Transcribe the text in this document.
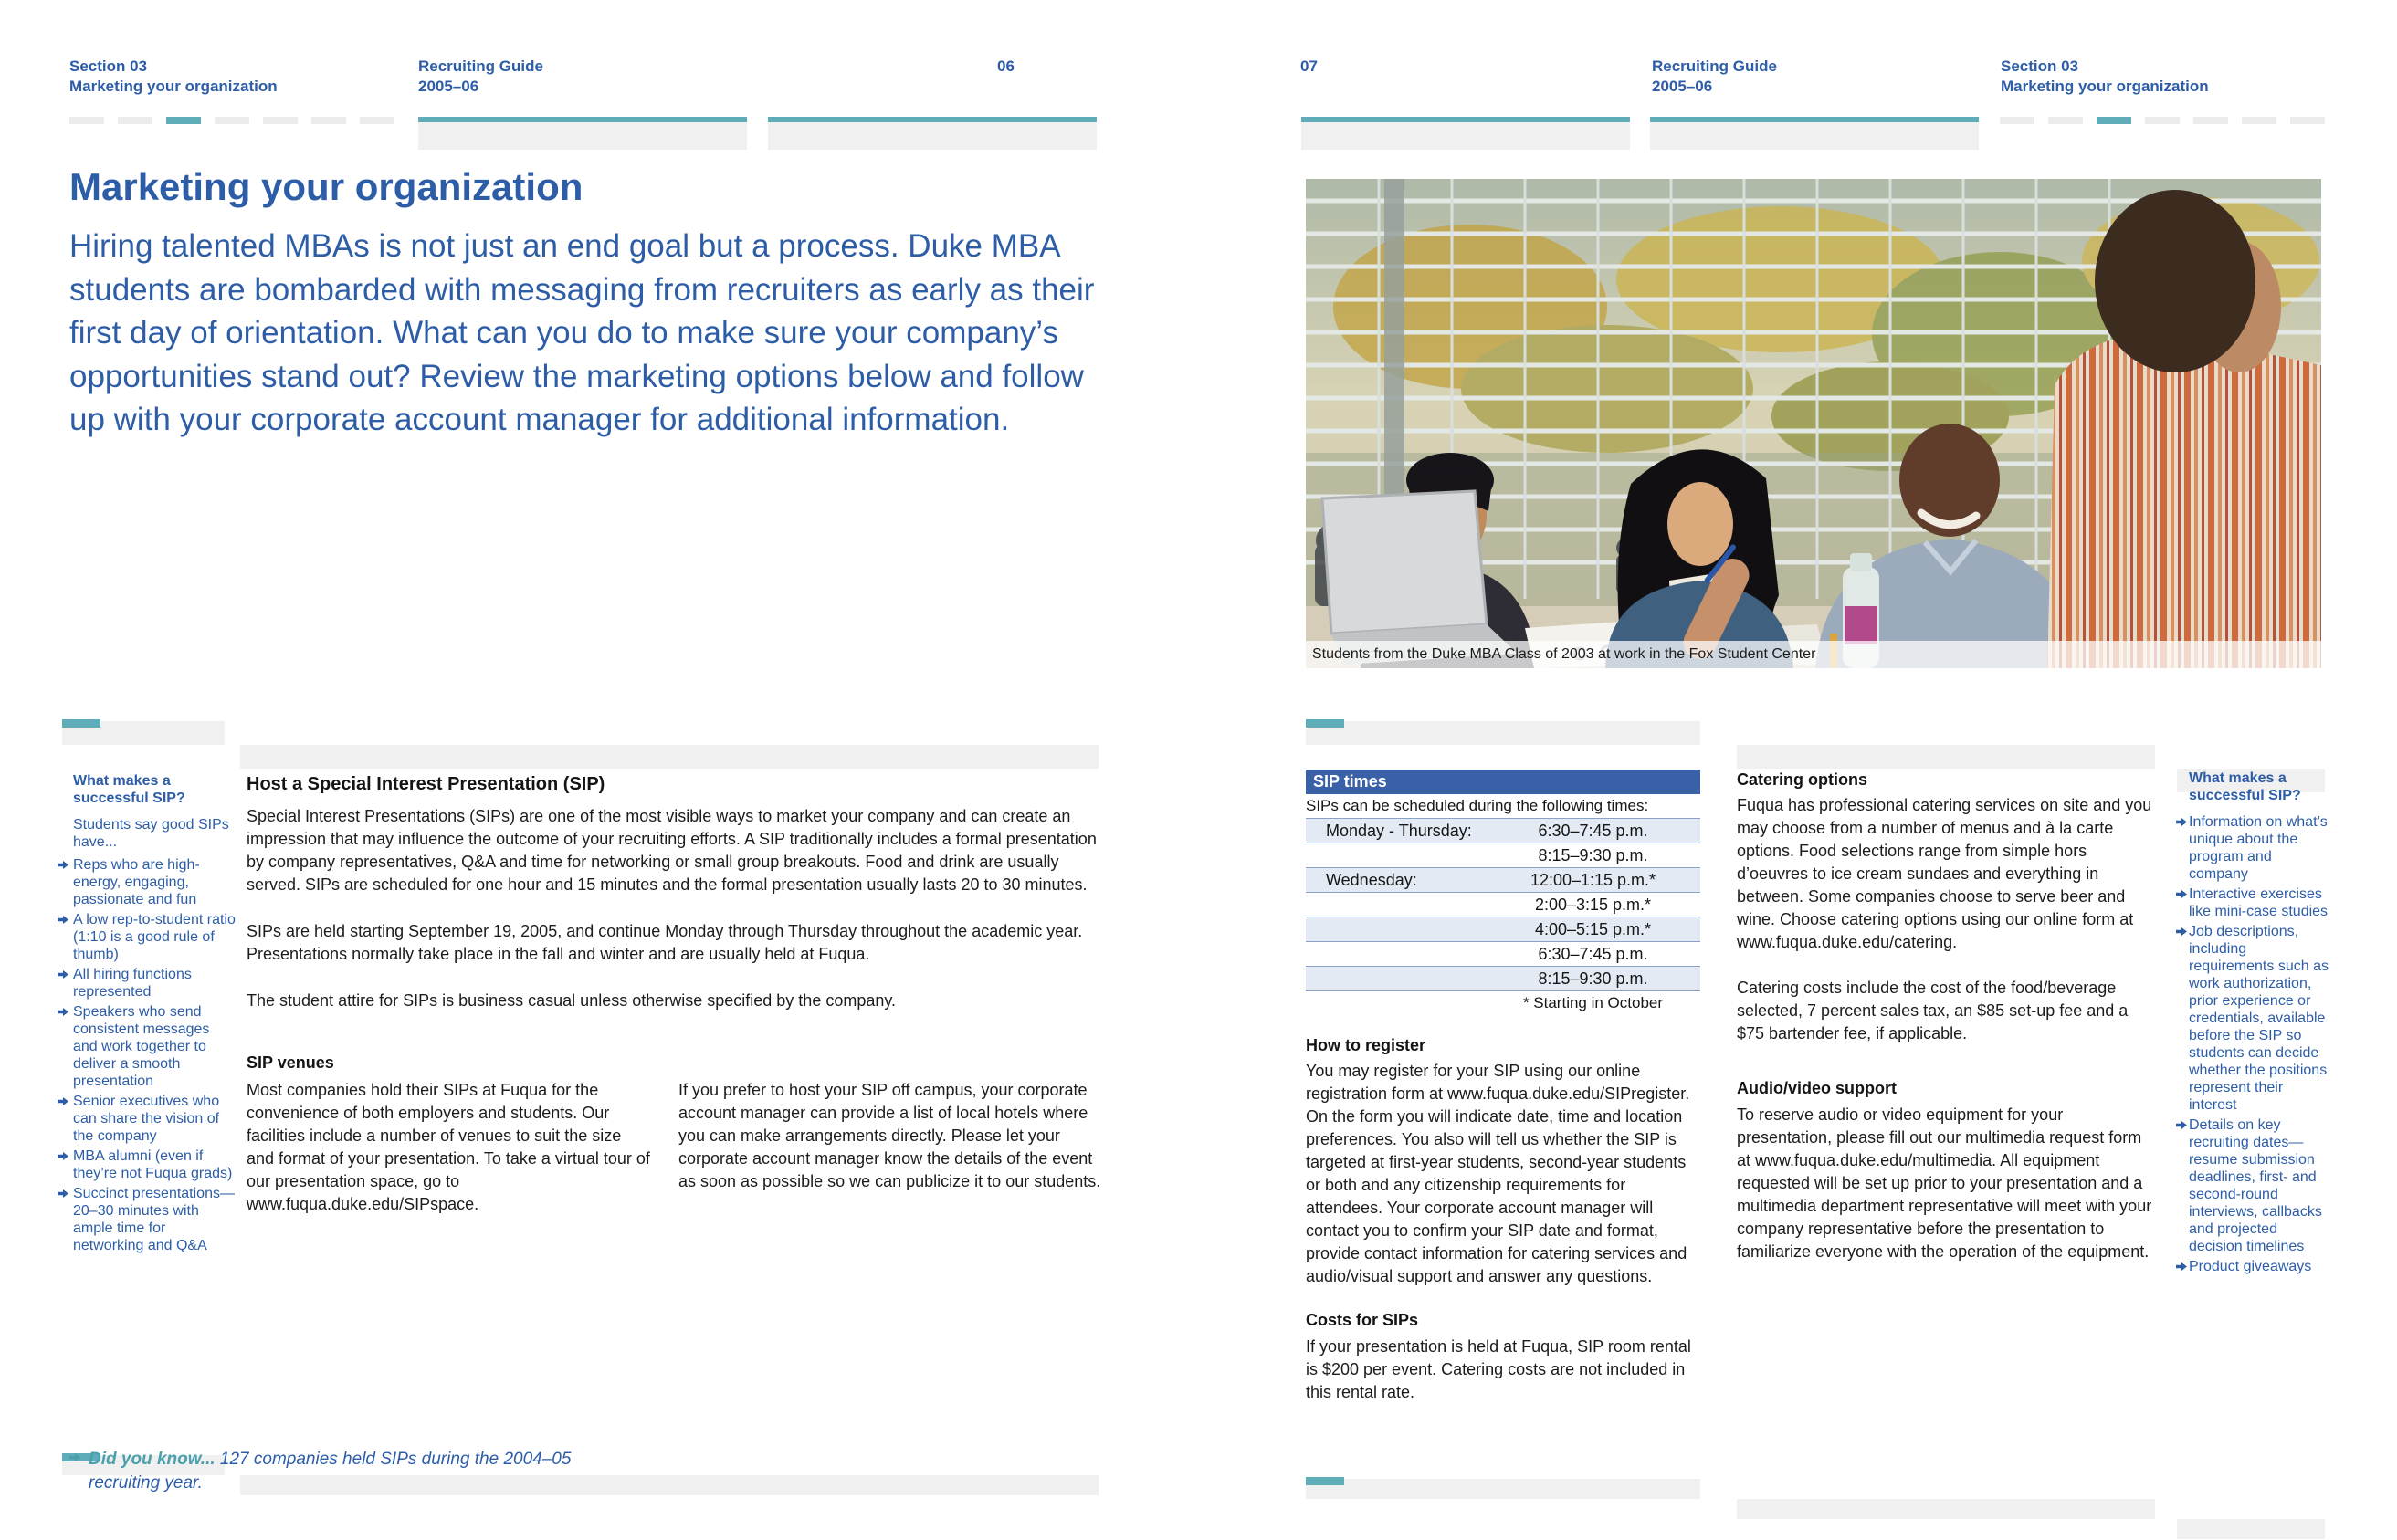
Section 03
Marketing your organization
Recruiting Guide
2005–06
06
Marketing your organization
Hiring talented MBAs is not just an end goal but a process. Duke MBA students are bombarded with messaging from recruiters as early as their first day of orientation. What can you do to make sure your company’s opportunities stand out? Review the marketing options below and follow up with your corporate account manager for additional information.
What makes a successful SIP?
Students say good SIPs have...
Reps who are high-energy, engaging, passionate and fun
A low rep-to-student ratio (1:10 is a good rule of thumb)
All hiring functions represented
Speakers who send consistent messages and work together to deliver a smooth presentation
Senior executives who can share the vision of the company
MBA alumni (even if they’re not Fuqua grads)
Succinct presentations—20–30 minutes with ample time for networking and Q&A
Host a Special Interest Presentation (SIP)
Special Interest Presentations (SIPs) are one of the most visible ways to market your company and can create an impression that may influence the outcome of your recruiting efforts. A SIP traditionally includes a formal presentation by company representatives, Q&A and time for networking or small group breakouts. Food and drink are usually served. SIPs are scheduled for one hour and 15 minutes and the formal presentation usually lasts 20 to 30 minutes.
SIPs are held starting September 19, 2005, and continue Monday through Thursday throughout the academic year. Presentations normally take place in the fall and winter and are usually held at Fuqua.
The student attire for SIPs is business casual unless otherwise specified by the company.
SIP venues
Most companies hold their SIPs at Fuqua for the convenience of both employers and students. Our facilities include a number of venues to suit the size and format of your presentation. To take a virtual tour of our presentation space, go to www.fuqua.duke.edu/SIPspace.
If you prefer to host your SIP off campus, your corporate account manager can provide a list of local hotels where you can make arrangements directly. Please let your corporate account manager know the details of the event as soon as possible so we can publicize it to our students.
Did you know... 127 companies held SIPs during the 2004–05 recruiting year.
07	Recruiting Guide
2005–06
Section 03
Marketing your organization
Students from the Duke MBA Class of 2003 at work in the Fox Student Center
SIP times
SIPs can be scheduled during the following times:
Monday - Thursday:	6:30–7:45 p.m.
8:15–9:30 p.m.
Wednesday:	12:00–1:15 p.m.*
2:00–3:15 p.m.*
4:00–5:15 p.m.*
6:30–7:45 p.m.
8:15–9:30 p.m.
* Starting in October
How to register
You may register for your SIP using our online registration form at www.fuqua.duke.edu/SIPregister. On the form you will indicate date, time and location preferences. You also will tell us whether the SIP is targeted at first-year students, second-year students or both and any citizenship requirements for attendees. Your corporate account manager will contact you to confirm your SIP date and format, provide contact information for catering services and audio/visual support and answer any questions.
Costs for SIPs
If your presentation is held at Fuqua, SIP room rental is $200 per event. Catering costs are not included in this rental rate.
Catering options
Fuqua has professional catering services on site and you may choose from a number of menus and à la carte options. Food selections range from simple hors d’oeuvres to ice cream sundaes and everything in between. Some companies choose to serve beer and wine. Choose catering options using our online form at www.fuqua.duke.edu/catering.
Catering costs include the cost of the food/beverage selected, 7 percent sales tax, an $85 set-up fee and a $75 bartender fee, if applicable.
Audio/video support
To reserve audio or video equipment for your presentation, please fill out our multimedia request form at www.fuqua.duke.edu/multimedia. All equipment requested will be set up prior to your presentation and a multimedia department representative will meet with your company representative before the presentation to familiarize everyone with the operation of the equipment.
What makes a successful SIP?
Information on what’s unique about the program and company
Interactive exercises like mini-case studies
Job descriptions, including requirements such as work authorization, prior experience or credentials, available before the SIP so students can decide whether the positions represent their interest
Details on key recruiting dates—resume submission deadlines, first- and second-round interviews, callbacks and projected decision timelines
Product giveaways
